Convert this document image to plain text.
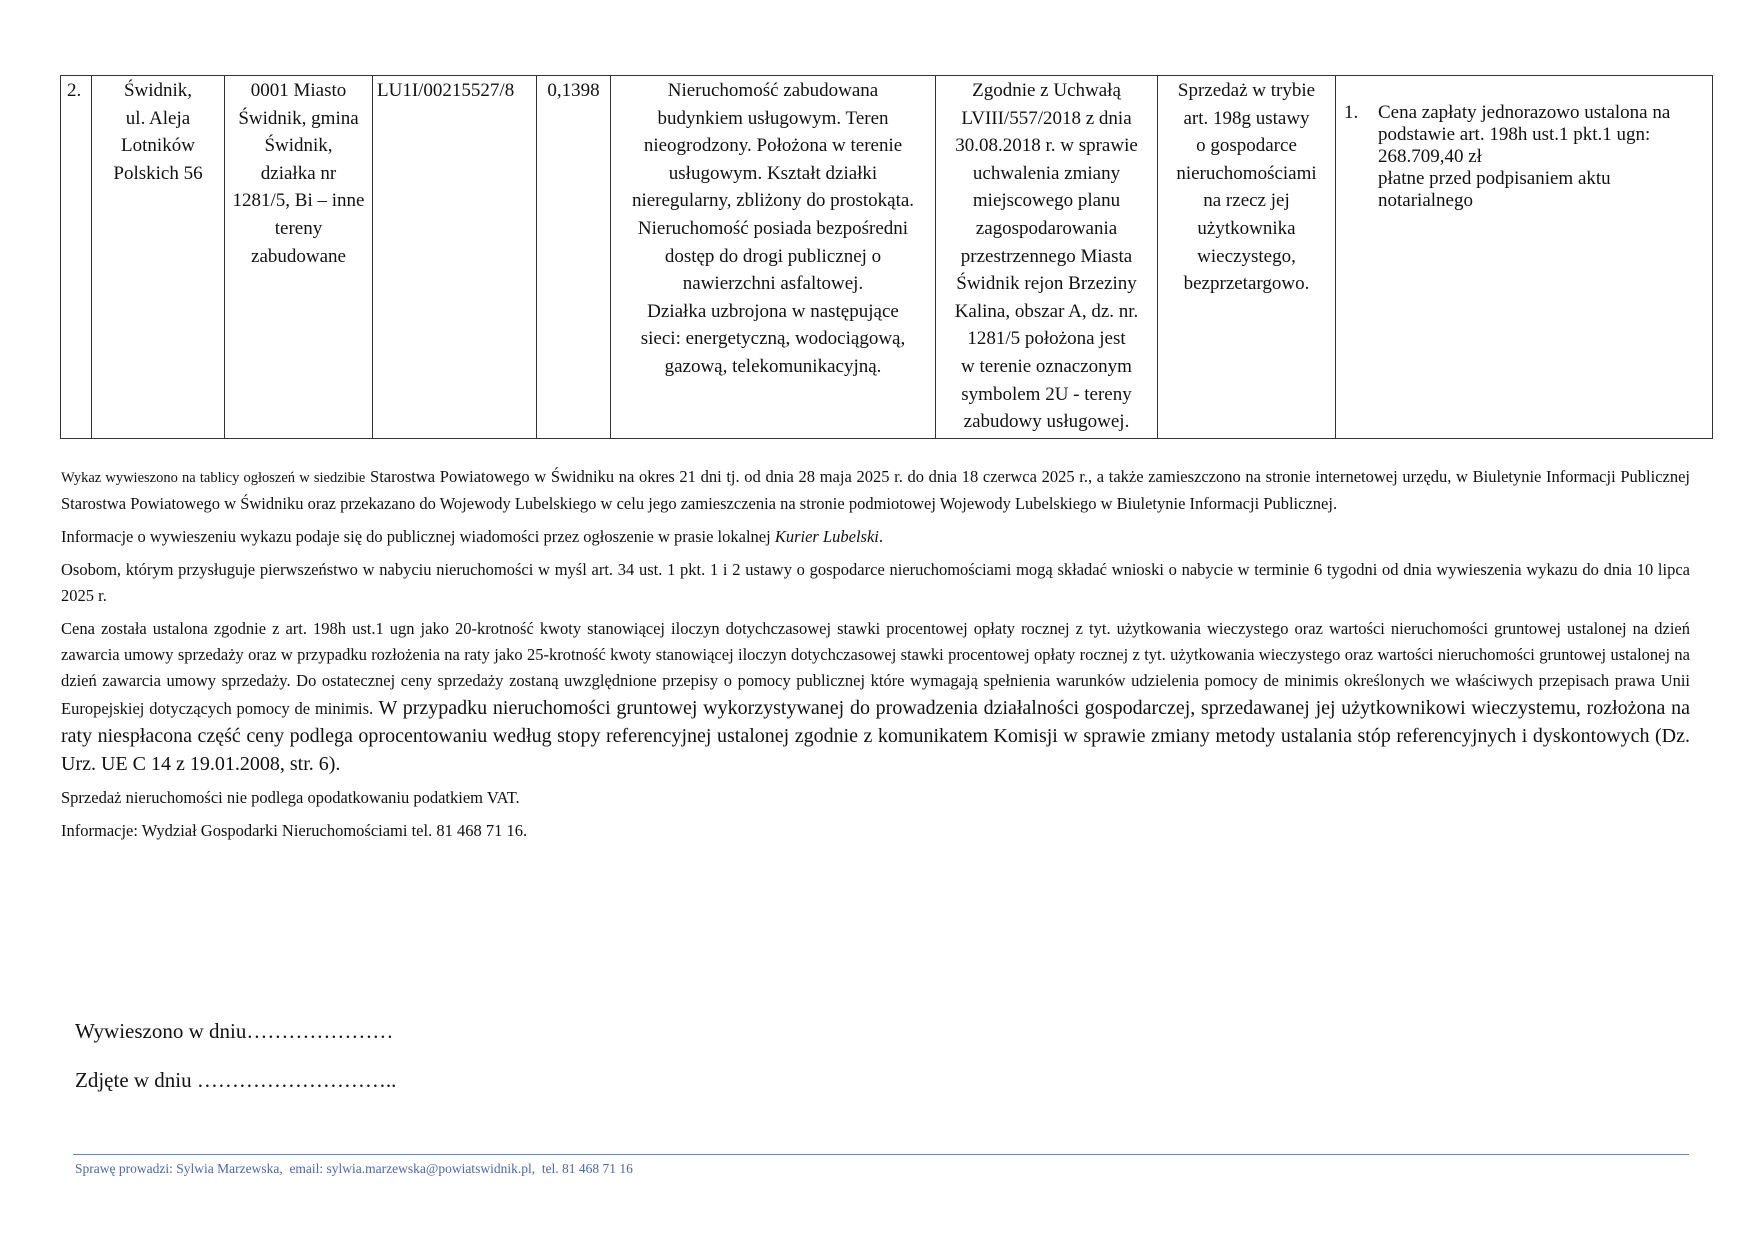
2.	Świdnik,
ul. Aleja
Lotników
Polskich 56	0001 Miasto
Świdnik, gmina
Świdnik,
działka nr
1281/5, Bi – inne
tereny
zabudowane	LU1I/00215527/8	0,1398	Nieruchomość zabudowana
budynkiem usługowym. Teren
nieogrodzony. Położona w terenie
usługowym. Kształt działki
nieregularny, zbliżony do prostokąta.
Nieruchomość posiada bezpośredni
dostęp do drogi publicznej o
nawierzchni asfaltowej.
Działka uzbrojona w następujące
sieci: energetyczną, wodociągową,
gazową, telekomunikacyjną.	Zgodnie z Uchwałą
LVIII/557/2018 z dnia
30.08.2018 r. w sprawie
uchwalenia zmiany
miejscowego planu
zagospodarowania
przestrzennego Miasta
Świdnik rejon Brzeziny
Kalina, obszar A, dz. nr.
1281/5 położona jest
w terenie oznaczonym
symbolem 2U - tereny
zabudowy usługowej.	Sprzedaż w trybie
art. 198g ustawy
o gospodarce
nieruchomościami
na rzecz jej
użytkownika
wieczystego,
bezprzetargowo.	

1.	Cena zapłaty jednorazowo ustalona na
podstawie art. 198h ust.1 pkt.1 ugn:
268.709,40 zł
płatne przed podpisaniem aktu
notarialnego

Wykaz wywieszono na tablicy ogłoszeń w siedzibie Starostwa Powiatowego w Świdniku na okres 21 dni tj. od dnia 28 maja 2025 r. do dnia 18 czerwca 2025 r., a także zamieszczono na stronie internetowej urzędu, w Biuletynie Informacji Publicznej Starostwa Powiatowego w Świdniku oraz przekazano do Wojewody Lubelskiego w celu jego zamieszczenia na stronie podmiotowej Wojewody Lubelskiego w Biuletynie Informacji Publicznej.

Informacje o wywieszeniu wykazu podaje się do publicznej wiadomości przez ogłoszenie w prasie lokalnej Kurier Lubelski.

Osobom, którym przysługuje pierwszeństwo w nabyciu nieruchomości w myśl art. 34 ust. 1 pkt. 1 i 2 ustawy o gospodarce nieruchomościami mogą składać wnioski o nabycie w terminie 6 tygodni od dnia wywieszenia wykazu do dnia 10 lipca 2025 r.

Cena została ustalona zgodnie z art. 198h ust.1 ugn jako 20-krotność kwoty stanowiącej iloczyn dotychczasowej stawki procentowej opłaty rocznej z tyt. użytkowania wieczystego oraz wartości nieruchomości gruntowej ustalonej na dzień zawarcia umowy sprzedaży oraz w przypadku rozłożenia na raty jako 25-krotność kwoty stanowiącej iloczyn dotychczasowej stawki procentowej opłaty rocznej z tyt. użytkowania wieczystego oraz wartości nieruchomości gruntowej ustalonej na dzień zawarcia umowy sprzedaży. Do ostatecznej ceny sprzedaży zostaną uwzględnione przepisy o pomocy publicznej które wymagają spełnienia warunków udzielenia pomocy de minimis określonych we właściwych przepisach prawa Unii Europejskiej dotyczących pomocy de minimis. W przypadku nieruchomości gruntowej wykorzystywanej do prowadzenia działalności gospodarczej, sprzedawanej jej użytkownikowi wieczystemu, rozłożona na raty niespłacona część ceny podlega oprocentowaniu według stopy referencyjnej ustalonej zgodnie z komunikatem Komisji w sprawie zmiany metody ustalania stóp referencyjnych i dyskontowych (Dz. Urz. UE C 14 z 19.01.2008, str. 6).

Sprzedaż nieruchomości nie podlega opodatkowaniu podatkiem VAT.

Informacje: Wydział Gospodarki Nieruchomościami tel. 81 468 71 16.

Wywieszono w dniu…………………
Zdjęte w dniu ………………………..
Sprawę prowadzi: Sylwia Marzewska,  email: sylwia.marzewska@powiatswidnik.pl,  tel. 81 468 71 16
